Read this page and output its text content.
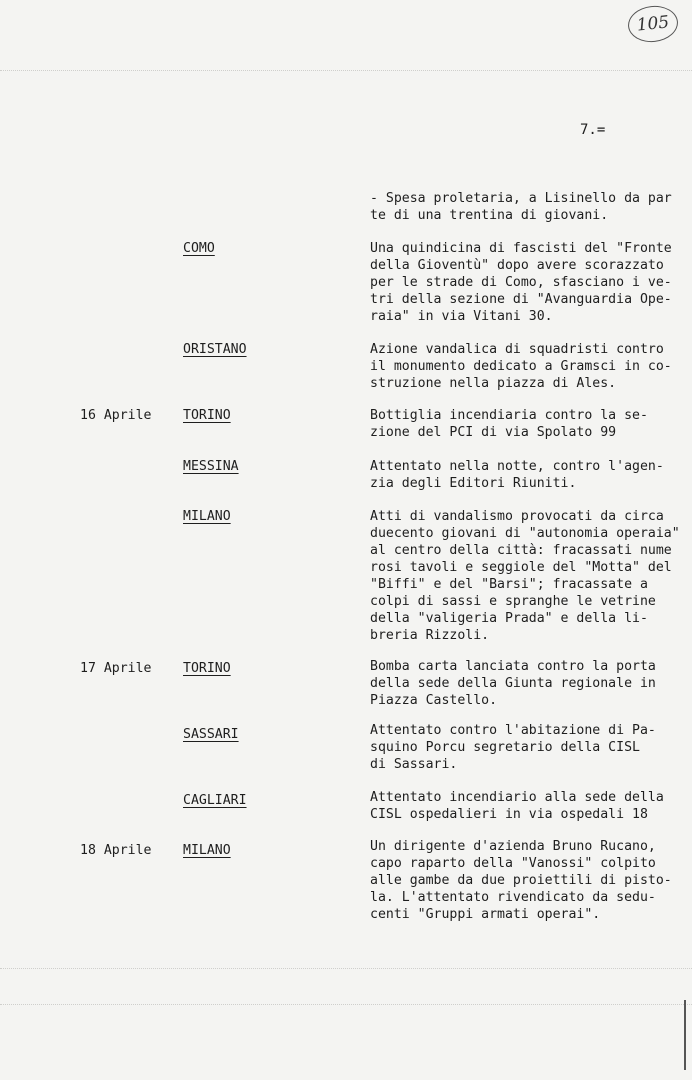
105
7.=
- Spesa proletaria, a Lisinello da par
te di una trentina di giovani.
COMO	Una quindicina di fascisti del "Fronte
della Gioventù" dopo avere scorazzato
per le strade di Como, sfasciano i ve-
tri della sezione di "Avanguardia Ope-
raia" in via Vitani 30.
ORISTANO	Azione vandalica di squadristi contro
il monumento dedicato a Gramsci in co-
struzione nella piazza di Ales.
16 Aprile TORINO	Bottiglia incendiaria contro la se-
zione del PCI di via Spolato 99
MESSINA	Attentato nella notte, contro l'agen-
zia degli Editori Riuniti.
MILANO	Atti di vandalismo provocati da circa
duecento giovani di "autonomia operaia"
al centro della città: fracassati nume
rosi tavoli e seggiole del "Motta" del
"Biffi" e del "Barsi"; fracassate a
colpi di sassi e spranghe le vetrine
della "valigeria Prada" e della li-
breria Rizzoli.
17 Aprile TORINO	Bomba carta lanciata contro la porta
della sede della Giunta regionale in
Piazza Castello.
SASSARI	Attentato contro l'abitazione di Pa-
squino Porcu segretario della CISL
di Sassari.
CAGLIARI	Attentato incendiario alla sede della
CISL ospedalieri in via ospedali 18
18 Aprile MILANO	Un dirigente d'azienda Bruno Rucano,
capo raparto della "Vanossi" colpito
alle gambe da due proiettili di pisto-
la. L'attentato rivendicato da sedu-
centi "Gruppi armati operai".
